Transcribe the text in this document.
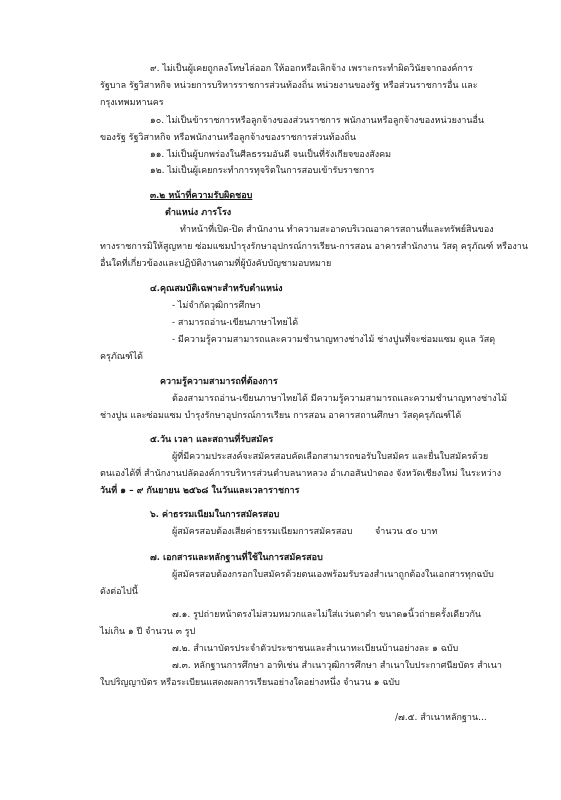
๙. ไม่เป็นผู้เคยถูกลงโทษไล่ออก ให้ออกหรือเลิกจ้าง เพราะกระทำผิดวินัยจากองค์การ
รัฐบาล รัฐวิสาหกิจ หน่วยการบริหารราชการส่วนท้องถิ่น หน่วยงานของรัฐ หรือส่วนราชการอื่น และ
กรุงเทพมหานคร
๑๐. ไม่เป็นข้าราชการหรือลูกจ้างของส่วนราชการ พนักงานหรือลูกจ้างของหน่วยงานอื่น
ของรัฐ รัฐวิสาหกิจ หรือพนักงานหรือลูกจ้างของราชการส่วนท้องถิ่น
๑๑. ไม่เป็นผู้บกพร่องในศีลธรรมอันดี จนเป็นที่รังเกียจของสังคม
๑๒. ไม่เป็นผู้เคยกระทำการทุจริตในการสอบเข้ารับราชการ
๓.๒ หน้าที่ความรับผิดชอบ
ตำแหน่ง ภารโรง
ทำหน้าที่เปิด-ปิด สำนักงาน ทำความสะอาดบริเวณอาคารสถานที่และทรัพย์สินของ
ทางราชการมิให้สูญหาย ซ่อมแซมบำรุงรักษาอุปกรณ์การเรียน-การสอน อาคารสำนักงาน วัสดุ ครุภัณฑ์ หรืองาน
อื่นใดที่เกี่ยวข้องและปฏิบัติงานตามที่ผู้บังคับบัญชามอบหมาย
๔.คุณสมบัติเฉพาะสำหรับตำแหน่ง
- ไม่จำกัดวุฒิการศึกษา
- สามารถอ่าน-เขียนภาษาไทยได้
- มีความรู้ความสามารถและความชำนาญทางช่างไม้ ช่างปูนที่จะซ่อมแซม ดูแล วัสดุ
ครุภัณฑ์ได้
ความรู้ความสามารถที่ต้องการ
ต้องสามารถอ่าน-เขียนภาษาไทยได้ มีความรู้ความสามารถและความชำนาญทางช่างไม้
ช่างปูน และซ่อมแซม บำรุงรักษาอุปกรณ์การเรียน การสอน อาคารสถานศึกษา วัสดุครุภัณฑ์ได้
๕.วัน เวลา และสถานที่รับสมัคร
ผู้ที่มีความประสงค์จะสมัครสอบคัดเลือกสามารถขอรับใบสมัคร และยื่นใบสมัครด้วย
ตนเองได้ที่ สำนักงานปลัดองค์การบริหารส่วนตำบลนาหลวง อำเภอสันป่าตอง จังหวัดเชียงใหม่ ในระหว่าง
วันที่ ๑ – ๙ กันยายน ๒๕๖๘ ในวันและเวลาราชการ
๖. ค่าธรรมเนียมในการสมัครสอบ
ผู้สมัครสอบต้องเสียค่าธรรมเนียมการสมัครสอบ	จำนวน ๕๐ บาท
๗. เอกสารและหลักฐานที่ใช้ในการสมัครสอบ
ผู้สมัครสอบต้องกรอกใบสมัครด้วยตนเองพร้อมรับรองสำเนาถูกต้องในเอกสารทุกฉบับ
ดังต่อไปนี้
๗.๑. รูปถ่ายหน้าตรงไม่สวมหมวกและไม่ใส่แว่นตาดำ ขนาด๑นิ้วถ่ายครั้งเดียวกัน
ไม่เกิน ๑ ปี จำนวน ๓ รูป
๗.๒. สำเนาบัตรประจำตัวประชาชนและสำเนาทะเบียนบ้านอย่างละ ๑ ฉบับ
๗.๓. หลักฐานการศึกษา อาทิเช่น สำเนาวุฒิการศึกษา สำเนาใบประกาศนียบัตร สำเนา
ใบปริญญาบัตร หรือระเบียนแสดงผลการเรียนอย่างใดอย่างหนึ่ง จำนวน ๑ ฉบับ
/๗.๕. สำเนาหลักฐาน...
